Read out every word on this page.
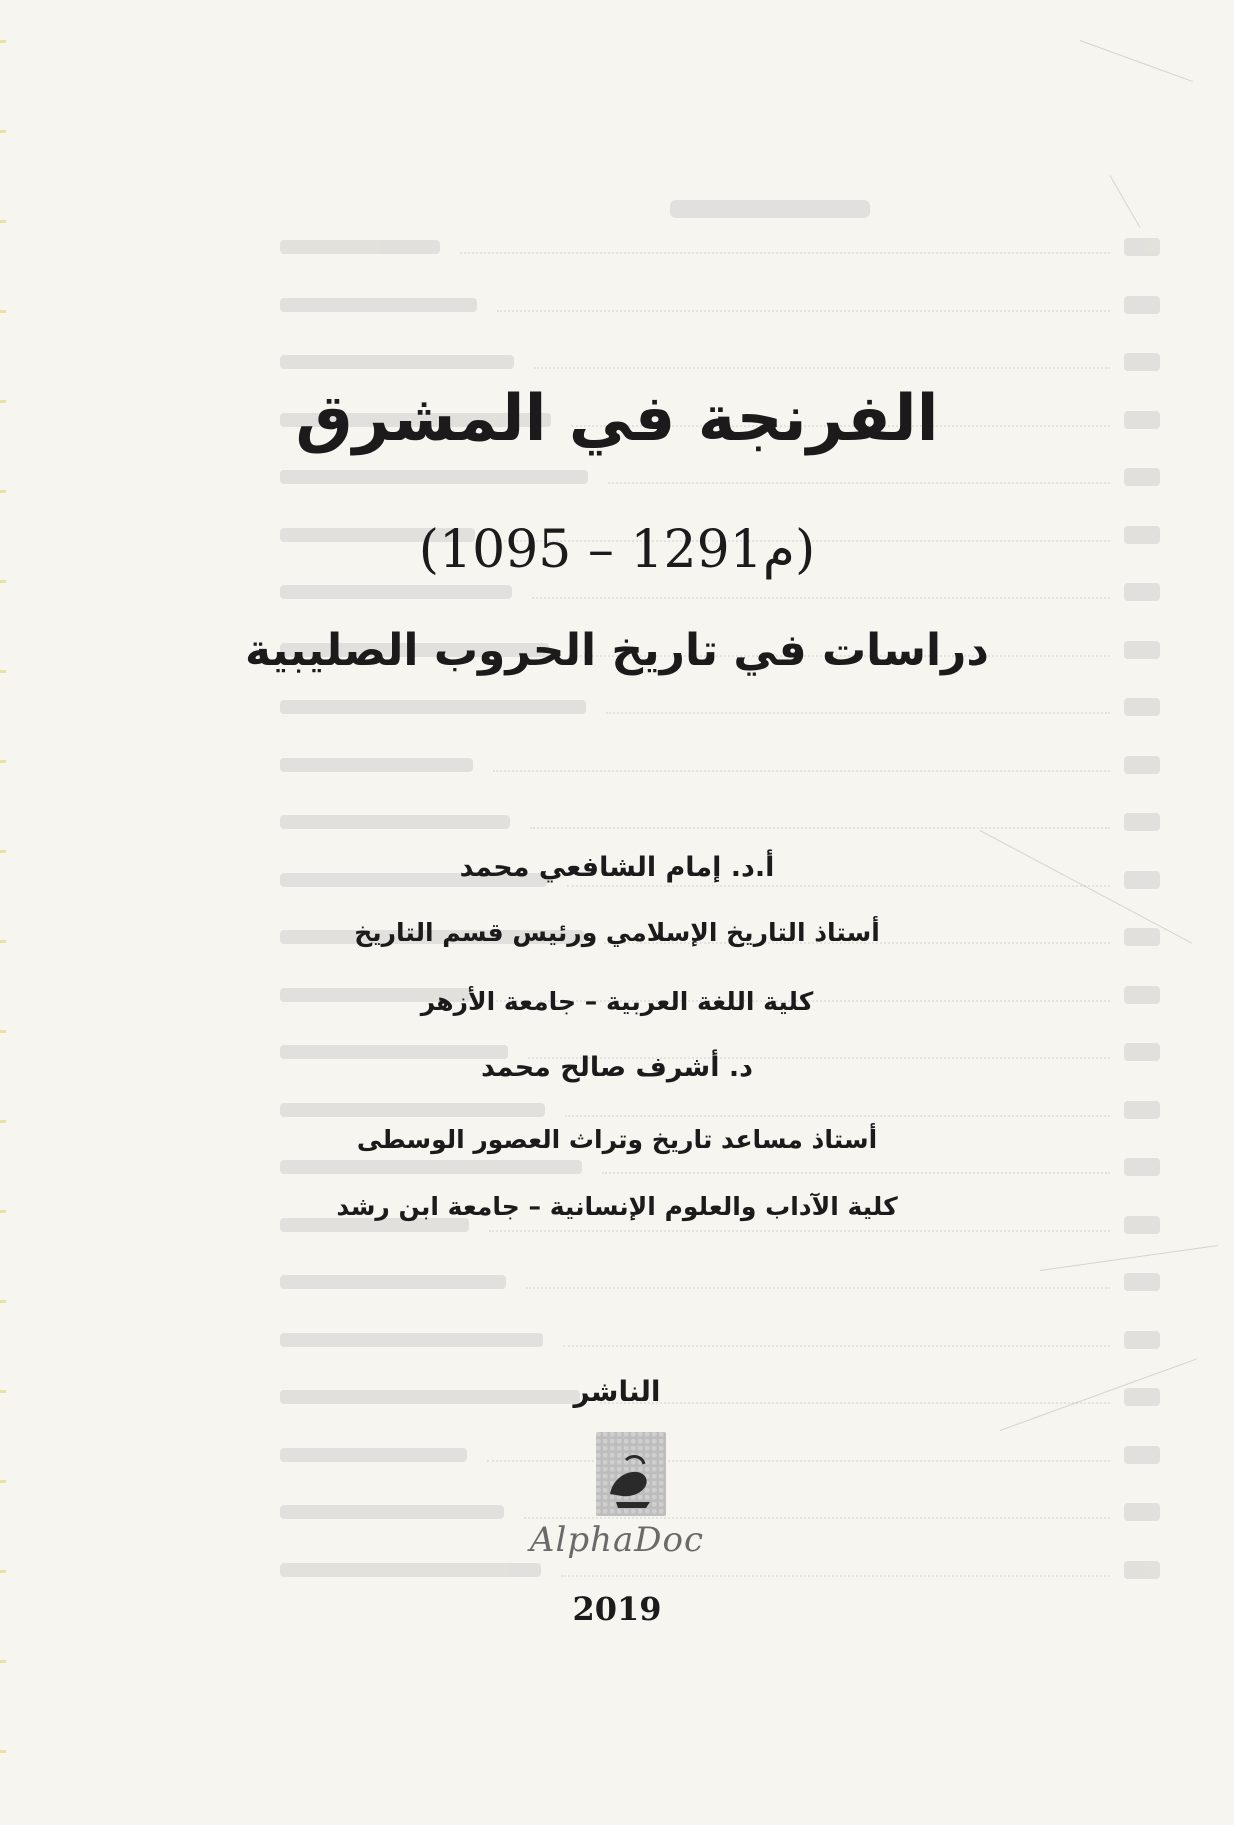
الفرنجة في المشرق
(1095 – 1291م)
دراسات في تاريخ الحروب الصليبية
أ.د. إمام الشافعي محمد
أستاذ التاريخ الإسلامي ورئيس قسم التاريخ
كلية اللغة العربية – جامعة الأزهر
د. أشرف صالح محمد
أستاذ مساعد تاريخ وتراث العصور الوسطى
كلية الآداب والعلوم الإنسانية – جامعة ابن رشد
الناشر
AlphaDoc
2019
